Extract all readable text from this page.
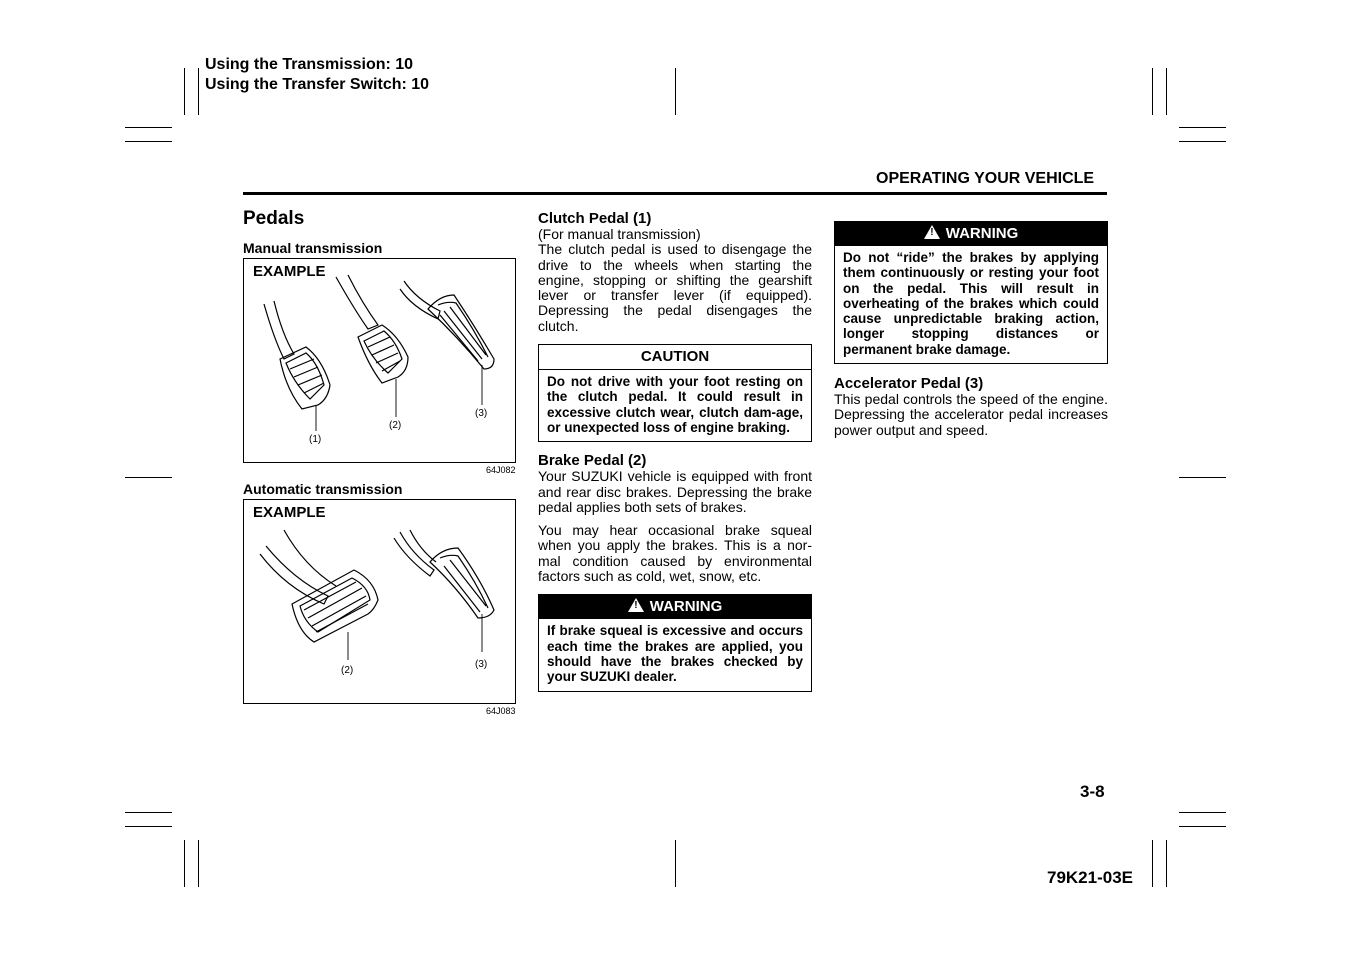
Using the Transmission: 10
Using the Transfer Switch: 10
OPERATING YOUR VEHICLE
Pedals
Manual transmission
EXAMPLE
(1)
(2)
(3)
64J082
Automatic transmission
EXAMPLE
(2)
(3)
64J083
Clutch Pedal (1)

(For manual transmission)

The clutch pedal is used to disengage the drive to the wheels when starting the engine, stopping or shifting the gearshift lever or transfer lever (if equipped). Depressing the pedal disengages the clutch.

CAUTION
Do not drive with your foot resting on the clutch pedal. It could result in excessive clutch wear, clutch dam-age, or unexpected loss of engine braking.
Brake Pedal (2)

Your SUZUKI vehicle is equipped with front and rear disc brakes. Depressing the brake pedal applies both sets of brakes.

You may hear occasional brake squeal when you apply the brakes. This is a nor-mal condition caused by environmental factors such as cold, wet, snow, etc.

! WARNING
If brake squeal is excessive and occurs each time the brakes are applied, you should have the brakes checked by your SUZUKI dealer.
! WARNING
Do not “ride” the brakes by applying them continuously or resting your foot on the pedal. This will result in overheating of the brakes which could cause unpredictable braking action, longer stopping distances or permanent brake damage.
Accelerator Pedal (3)

This pedal controls the speed of the engine. Depressing the accelerator pedal increases power output and speed.

3-8
79K21-03E
